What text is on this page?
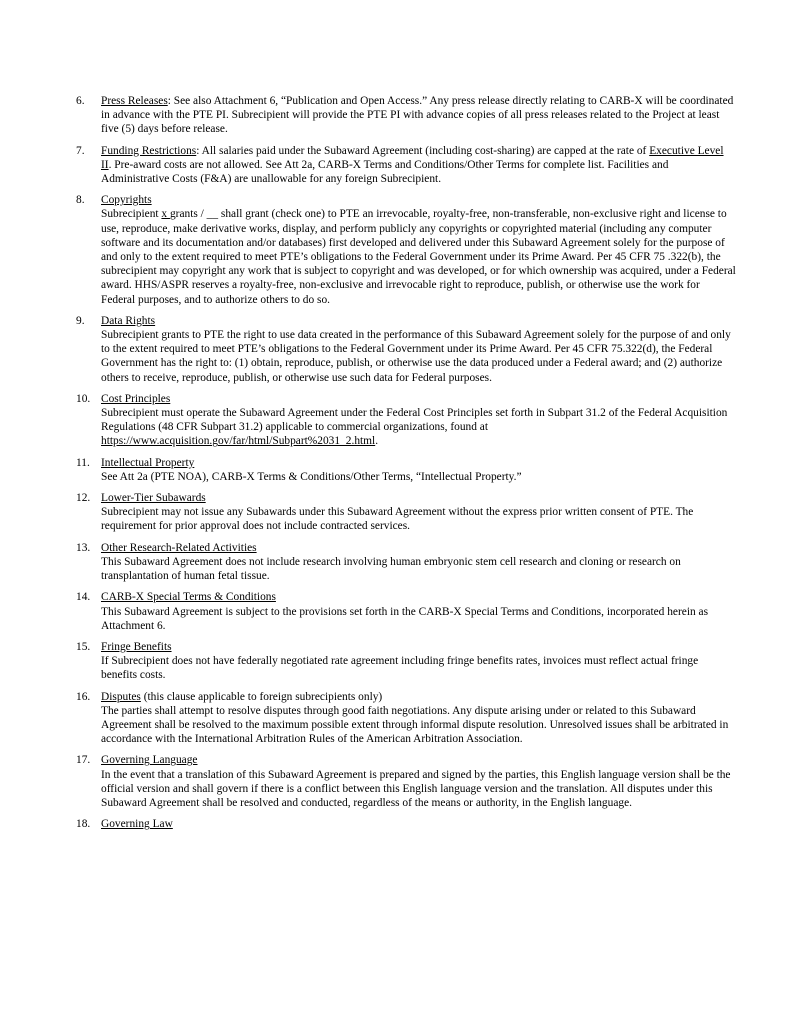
6. Press Releases: See also Attachment 6, “Publication and Open Access.” Any press release directly relating to CARB-X will be coordinated in advance with the PTE PI. Subrecipient will provide the PTE PI with advance copies of all press releases related to the Project at least five (5) days before release.
7. Funding Restrictions: All salaries paid under the Subaward Agreement (including cost-sharing) are capped at the rate of Executive Level II. Pre-award costs are not allowed. See Att 2a, CARB-X Terms and Conditions/Other Terms for complete list. Facilities and Administrative Costs (F&A) are unallowable for any foreign Subrecipient.
8. Copyrights
Subrecipient x grants / __ shall grant (check one) to PTE an irrevocable, royalty-free, non-transferable, non-exclusive right and license to use, reproduce, make derivative works, display, and perform publicly any copyrights or copyrighted material (including any computer software and its documentation and/or databases) first developed and delivered under this Subaward Agreement solely for the purpose of and only to the extent required to meet PTE’s obligations to the Federal Government under its Prime Award. Per 45 CFR 75 .322(b), the subrecipient may copyright any work that is subject to copyright and was developed, or for which ownership was acquired, under a Federal award. HHS/ASPR reserves a royalty-free, non-exclusive and irrevocable right to reproduce, publish, or otherwise use the work for Federal purposes, and to authorize others to do so.
9. Data Rights
Subrecipient grants to PTE the right to use data created in the performance of this Subaward Agreement solely for the purpose of and only to the extent required to meet PTE’s obligations to the Federal Government under its Prime Award. Per 45 CFR 75.322(d), the Federal Government has the right to: (1) obtain, reproduce, publish, or otherwise use the data produced under a Federal award; and (2) authorize others to receive, reproduce, publish, or otherwise use such data for Federal purposes.
10. Cost Principles
Subrecipient must operate the Subaward Agreement under the Federal Cost Principles set forth in Subpart 31.2 of the Federal Acquisition Regulations (48 CFR Subpart 31.2) applicable to commercial organizations, found at https://www.acquisition.gov/far/html/Subpart%2031_2.html.
11. Intellectual Property
See Att 2a (PTE NOA), CARB-X Terms & Conditions/Other Terms, “Intellectual Property.”
12. Lower-Tier Subawards
Subrecipient may not issue any Subawards under this Subaward Agreement without the express prior written consent of PTE. The requirement for prior approval does not include contracted services.
13. Other Research-Related Activities
This Subaward Agreement does not include research involving human embryonic stem cell research and cloning or research on transplantation of human fetal tissue.
14. CARB-X Special Terms & Conditions
This Subaward Agreement is subject to the provisions set forth in the CARB-X Special Terms and Conditions, incorporated herein as Attachment 6.
15. Fringe Benefits
If Subrecipient does not have federally negotiated rate agreement including fringe benefits rates, invoices must reflect actual fringe benefits costs.
16. Disputes (this clause applicable to foreign subrecipients only)
The parties shall attempt to resolve disputes through good faith negotiations. Any dispute arising under or related to this Subaward Agreement shall be resolved to the maximum possible extent through informal dispute resolution. Unresolved issues shall be arbitrated in accordance with the International Arbitration Rules of the American Arbitration Association.
17. Governing Language
In the event that a translation of this Subaward Agreement is prepared and signed by the parties, this English language version shall be the official version and shall govern if there is a conflict between this English language version and the translation. All disputes under this Subaward Agreement shall be resolved and conducted, regardless of the means or authority, in the English language.
18. Governing Law
